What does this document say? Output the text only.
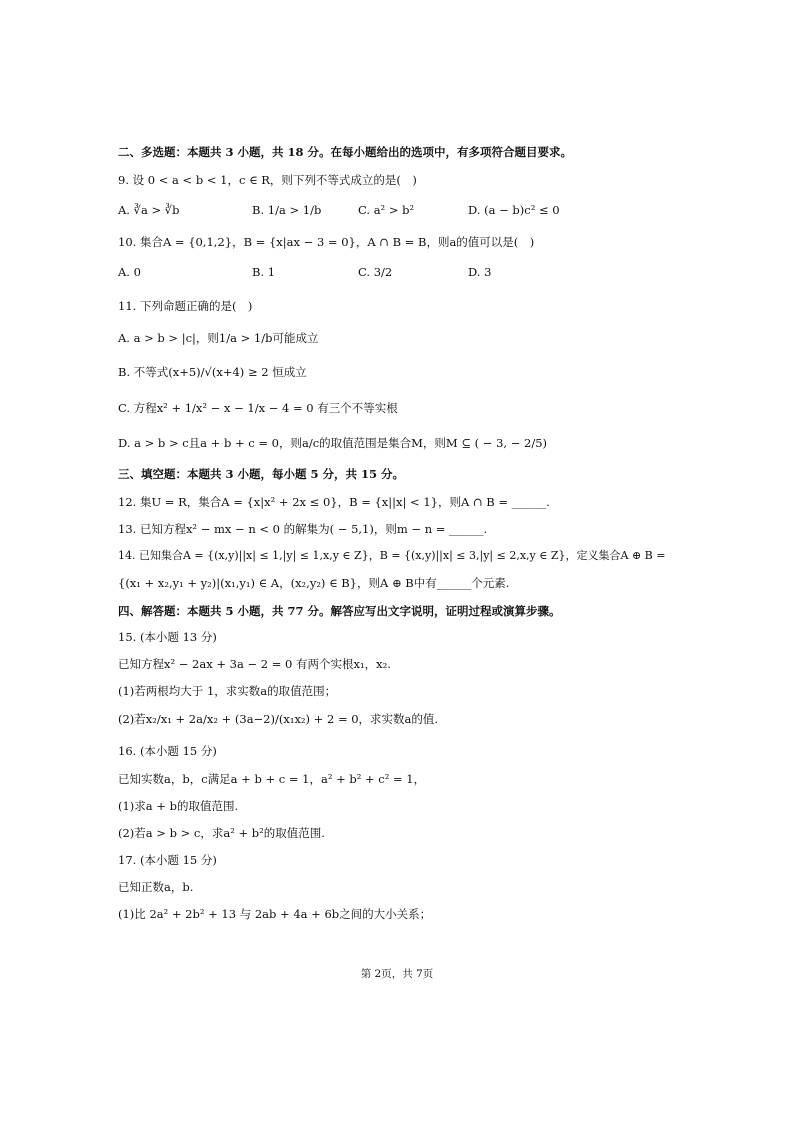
二、多选题：本题共 3 小题，共 18 分。在每小题给出的选项中，有多项符合题目要求。
9. 设 0 < a < b < 1，c ∈ R，则下列不等式成立的是(　)
A. ∛a > ∛b	B. 1/a > 1/b	C. a² > b²	D. (a − b)c² ≤ 0
10. 集合A = {0,1,2}，B = {x|ax − 3 = 0}，A ∩ B = B，则a的值可以是(　)
A. 0	B. 1	C. 3/2	D. 3
11. 下列命题正确的是(　)
A. a > b > |c|，则1/a > 1/b可能成立
B. 不等式(x+5)/√(x+4) ≥ 2 恒成立
C. 方程x² + 1/x² − x − 1/x − 4 = 0 有三个不等实根
D. a > b > c且a + b + c = 0，则a/c的取值范围是集合M，则M ⊆ ( − 3, − 2/5)
三、填空题：本题共 3 小题，每小题 5 分，共 15 分。
12. 集U = R，集合A = {x|x² + 2x ≤ 0}，B = {x||x| < 1}，则A ∩ B = ______.
13. 已知方程x² − mx − n < 0 的解集为( − 5,1)，则m − n = ______.
14. 已知集合A = {(x,y)||x| ≤ 1,|y| ≤ 1,x,y ∈ Z}，B = {(x,y)||x| ≤ 3,|y| ≤ 2,x,y ∈ Z}，定义集合A ⊕ B =
{(x₁ + x₂,y₁ + y₂)|(x₁,y₁) ∈ A，(x₂,y₂) ∈ B}，则A ⊕ B中有______个元素.
四、解答题：本题共 5 小题，共 77 分。解答应写出文字说明，证明过程或演算步骤。
15. (本小题 13 分)
已知方程x² − 2ax + 3a − 2 = 0 有两个实根x₁，x₂.
(1)若两根均大于 1，求实数a的取值范围；
(2)若x₂/x₁ + 2a/x₂ + (3a−2)/(x₁x₂) + 2 = 0，求实数a的值.
16. (本小题 15 分)
已知实数a，b，c满足a + b + c = 1，a² + b² + c² = 1，
(1)求a + b的取值范围.
(2)若a > b > c，求a² + b²的取值范围.
17. (本小题 15 分)
已知正数a，b.
(1)比 2a² + 2b² + 13 与 2ab + 4a + 6b之间的大小关系；
第 2页，共 7页
